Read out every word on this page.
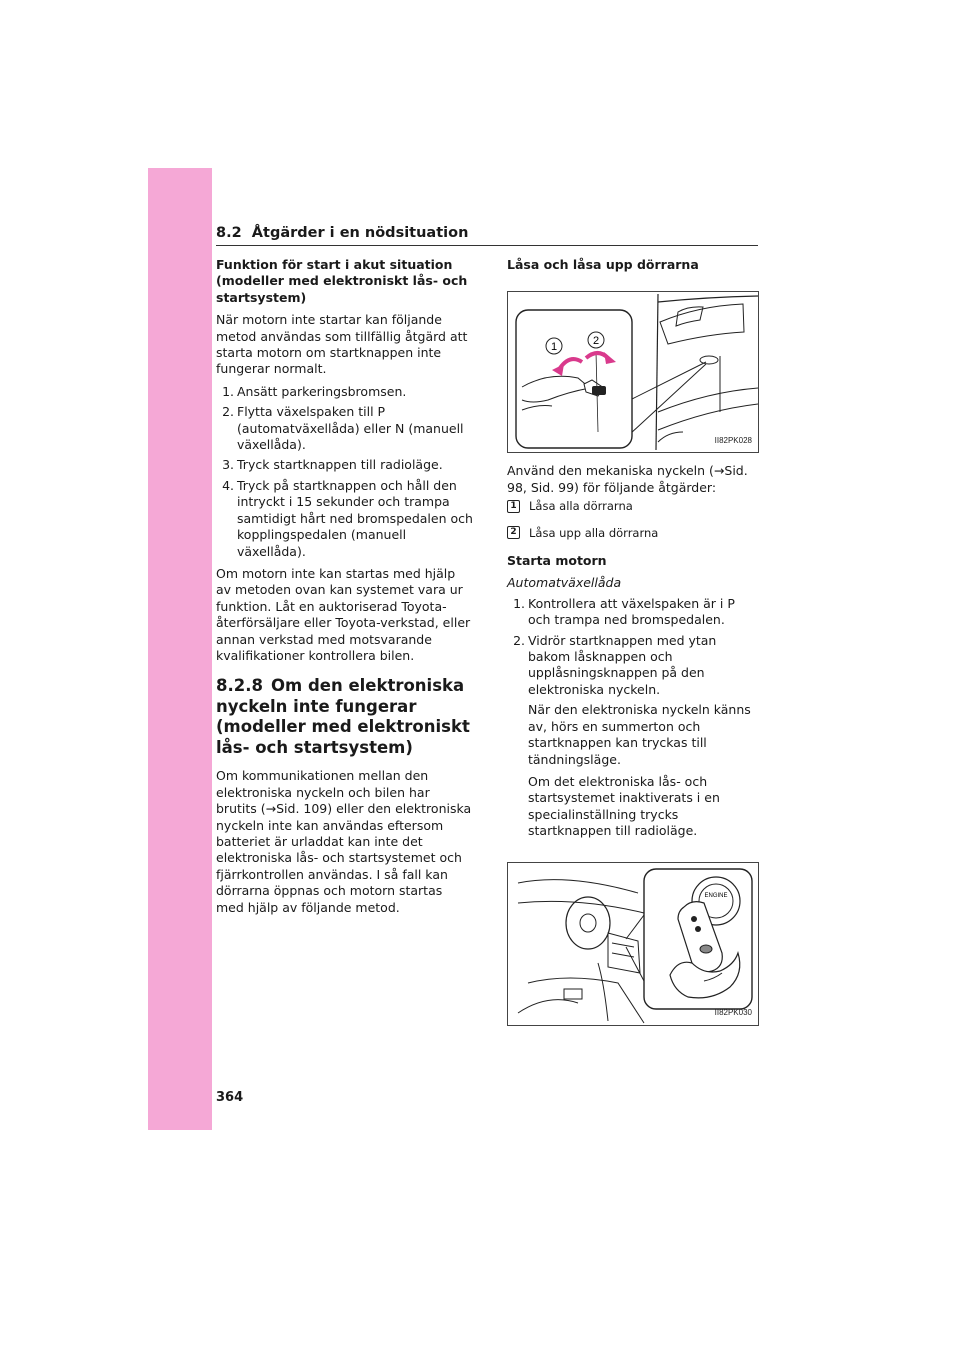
8.2 Åtgärder i en nödsituation

Funktion för start i akut situation (modeller med elektroniskt lås- och startsystem)

När motorn inte startar kan följande metod användas som tillfällig åtgärd att starta motorn om startknappen inte fungerar normalt.

1. Ansätt parkeringsbromsen.
2. Flytta växelspaken till P (automatväxellåda) eller N (manuell växellåda).
3. Tryck startknappen till radioläge.
4. Tryck på startknappen och håll den intryckt i 15 sekunder och trampa samtidigt hårt ned bromspedalen och kopplingspedalen (manuell växellåda).

Om motorn inte kan startas med hjälp av metoden ovan kan systemet vara ur funktion. Låt en auktoriserad Toyota-återförsäljare eller Toyota-verkstad, eller annan verkstad med motsvarande kvalifikationer kontrollera bilen.

8.2.8 Om den elektroniska nyckeln inte fungerar (modeller med elektroniskt lås- och startsystem)

Om kommunikationen mellan den elektroniska nyckeln och bilen har brutits (→Sid. 109) eller den elektroniska nyckeln inte kan användas eftersom batteriet är urladdat kan inte det elektroniska lås- och startsystemet och fjärrkontrollen användas. I så fall kan dörrarna öppnas och motorn startas med hjälp av följande metod.

Låsa och låsa upp dörrarna

1	2
II82PK028

Använd den mekaniska nyckeln (→Sid. 98, Sid. 99) för följande åtgärder:

1 Låsa alla dörrarna
2 Låsa upp alla dörrarna

Starta motorn

Automatväxellåda

1. Kontrollera att växelspaken är i P och trampa ned bromspedalen.
2. Vidrör startknappen med ytan bakom låsknappen och upplåsningsknappen på den elektroniska nyckeln.

När den elektroniska nyckeln känns av, hörs en summerton och startknappen kan tryckas till tändningsläge.

Om det elektroniska lås- och startsystemet inaktiverats i en specialinställning trycks startknappen till radioläge.

ENGINE
II82PK030
364
